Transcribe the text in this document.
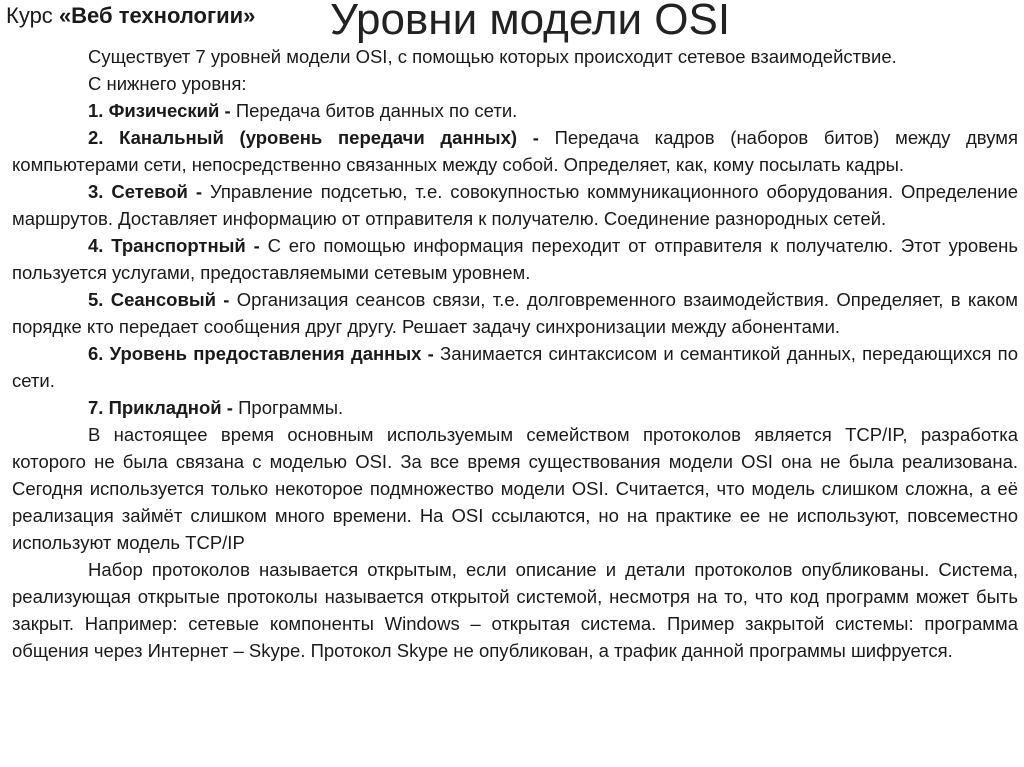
Курс «Веб технологии» Уровни модели OSI

Существует 7 уровней модели OSI, с помощью которых происходит сетевое взаимодействие.

С нижнего уровня:

1. Физический - Передача битов данных по сети.

2. Канальный (уровень передачи данных) - Передача кадров (наборов битов) между двумя компьютерами сети, непосредственно связанных между собой. Определяет, как, кому посылать кадры.

3. Сетевой - Управление подсетью, т.е. совокупностью коммуникационного оборудования. Определение маршрутов. Доставляет информацию от отправителя к получателю. Соединение разнородных сетей.

4. Транспортный - С его помощью информация переходит от отправителя к получателю. Этот уровень пользуется услугами, предоставляемыми сетевым уровнем.

5. Сеансовый - Организация сеансов связи, т.е. долговременного взаимодействия. Определяет, в каком порядке кто передает сообщения друг другу. Решает задачу синхронизации между абонентами.

6. Уровень предоставления данных - Занимается синтаксисом и семантикой данных, передающихся по сети.

7. Прикладной - Программы.

В настоящее время основным используемым семейством протоколов является TCP/IP, разработка которого не была связана с моделью OSI. За все время существования модели OSI она не была реализована. Сегодня используется только некоторое подмножество модели OSI. Считается, что модель слишком сложна, а её реализация займёт слишком много времени. На OSI ссылаются, но на практике ее не используют, повсеместно используют модель TCP/IP

Набор протоколов называется открытым, если описание и детали протоколов опубликованы. Система, реализующая открытые протоколы называется открытой системой, несмотря на то, что код программ может быть закрыт. Например: сетевые компоненты Windows – открытая система. Пример закрытой системы: программа общения через Интернет – Skype. Протокол Skype не опубликован, а трафик данной программы шифруется.
